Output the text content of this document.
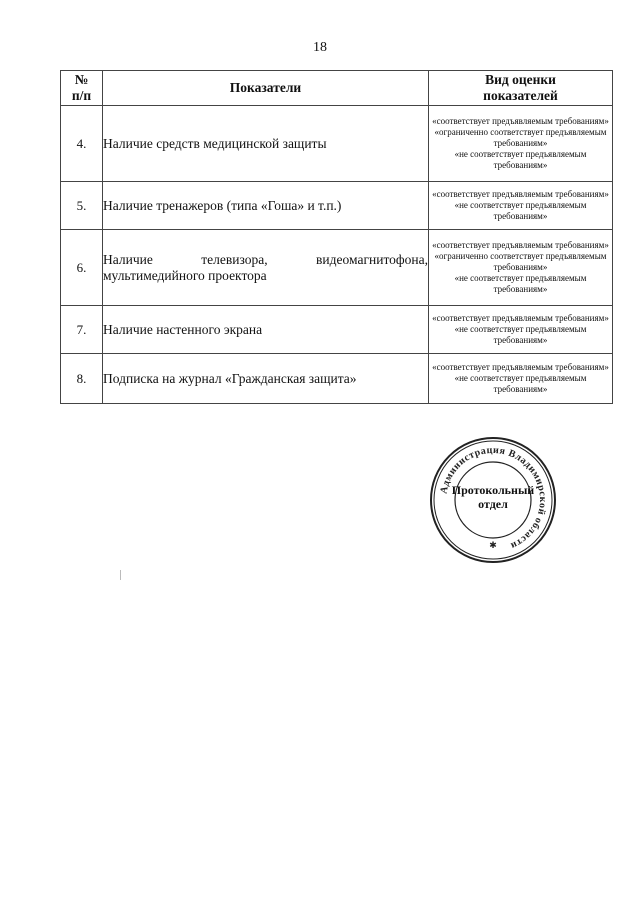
18
№
п/п	Показатели	Вид оценки
показателей
4.	Наличие средств медицинской защиты	«соответствует предъявляемым требованиям»
«ограниченно соответствует предъявляемым требованиям»
«не соответствует предъявляемым требованиям»

5.	Наличие тренажеров (типа «Гоша» и т.п.)	«соответствует предъявляемым требованиям»
«не соответствует предъявляемым требованиям»

6.	Наличие телевизора, видеомагнитофона, мультимедийного проектора	«соответствует предъявляемым требованиям»
«ограниченно соответствует предъявляемым требованиям»
«не соответствует предъявляемым требованиям»

7.	Наличие настенного экрана	«соответствует предъявляемым требованиям»
«не соответствует предъявляемым требованиям»

8.	Подписка на журнал «Гражданская защита»	«соответствует предъявляемым требованиям»
«не соответствует предъявляемым требованиям»
Администрация Владимирской области
✱
Протокольный
отдел
